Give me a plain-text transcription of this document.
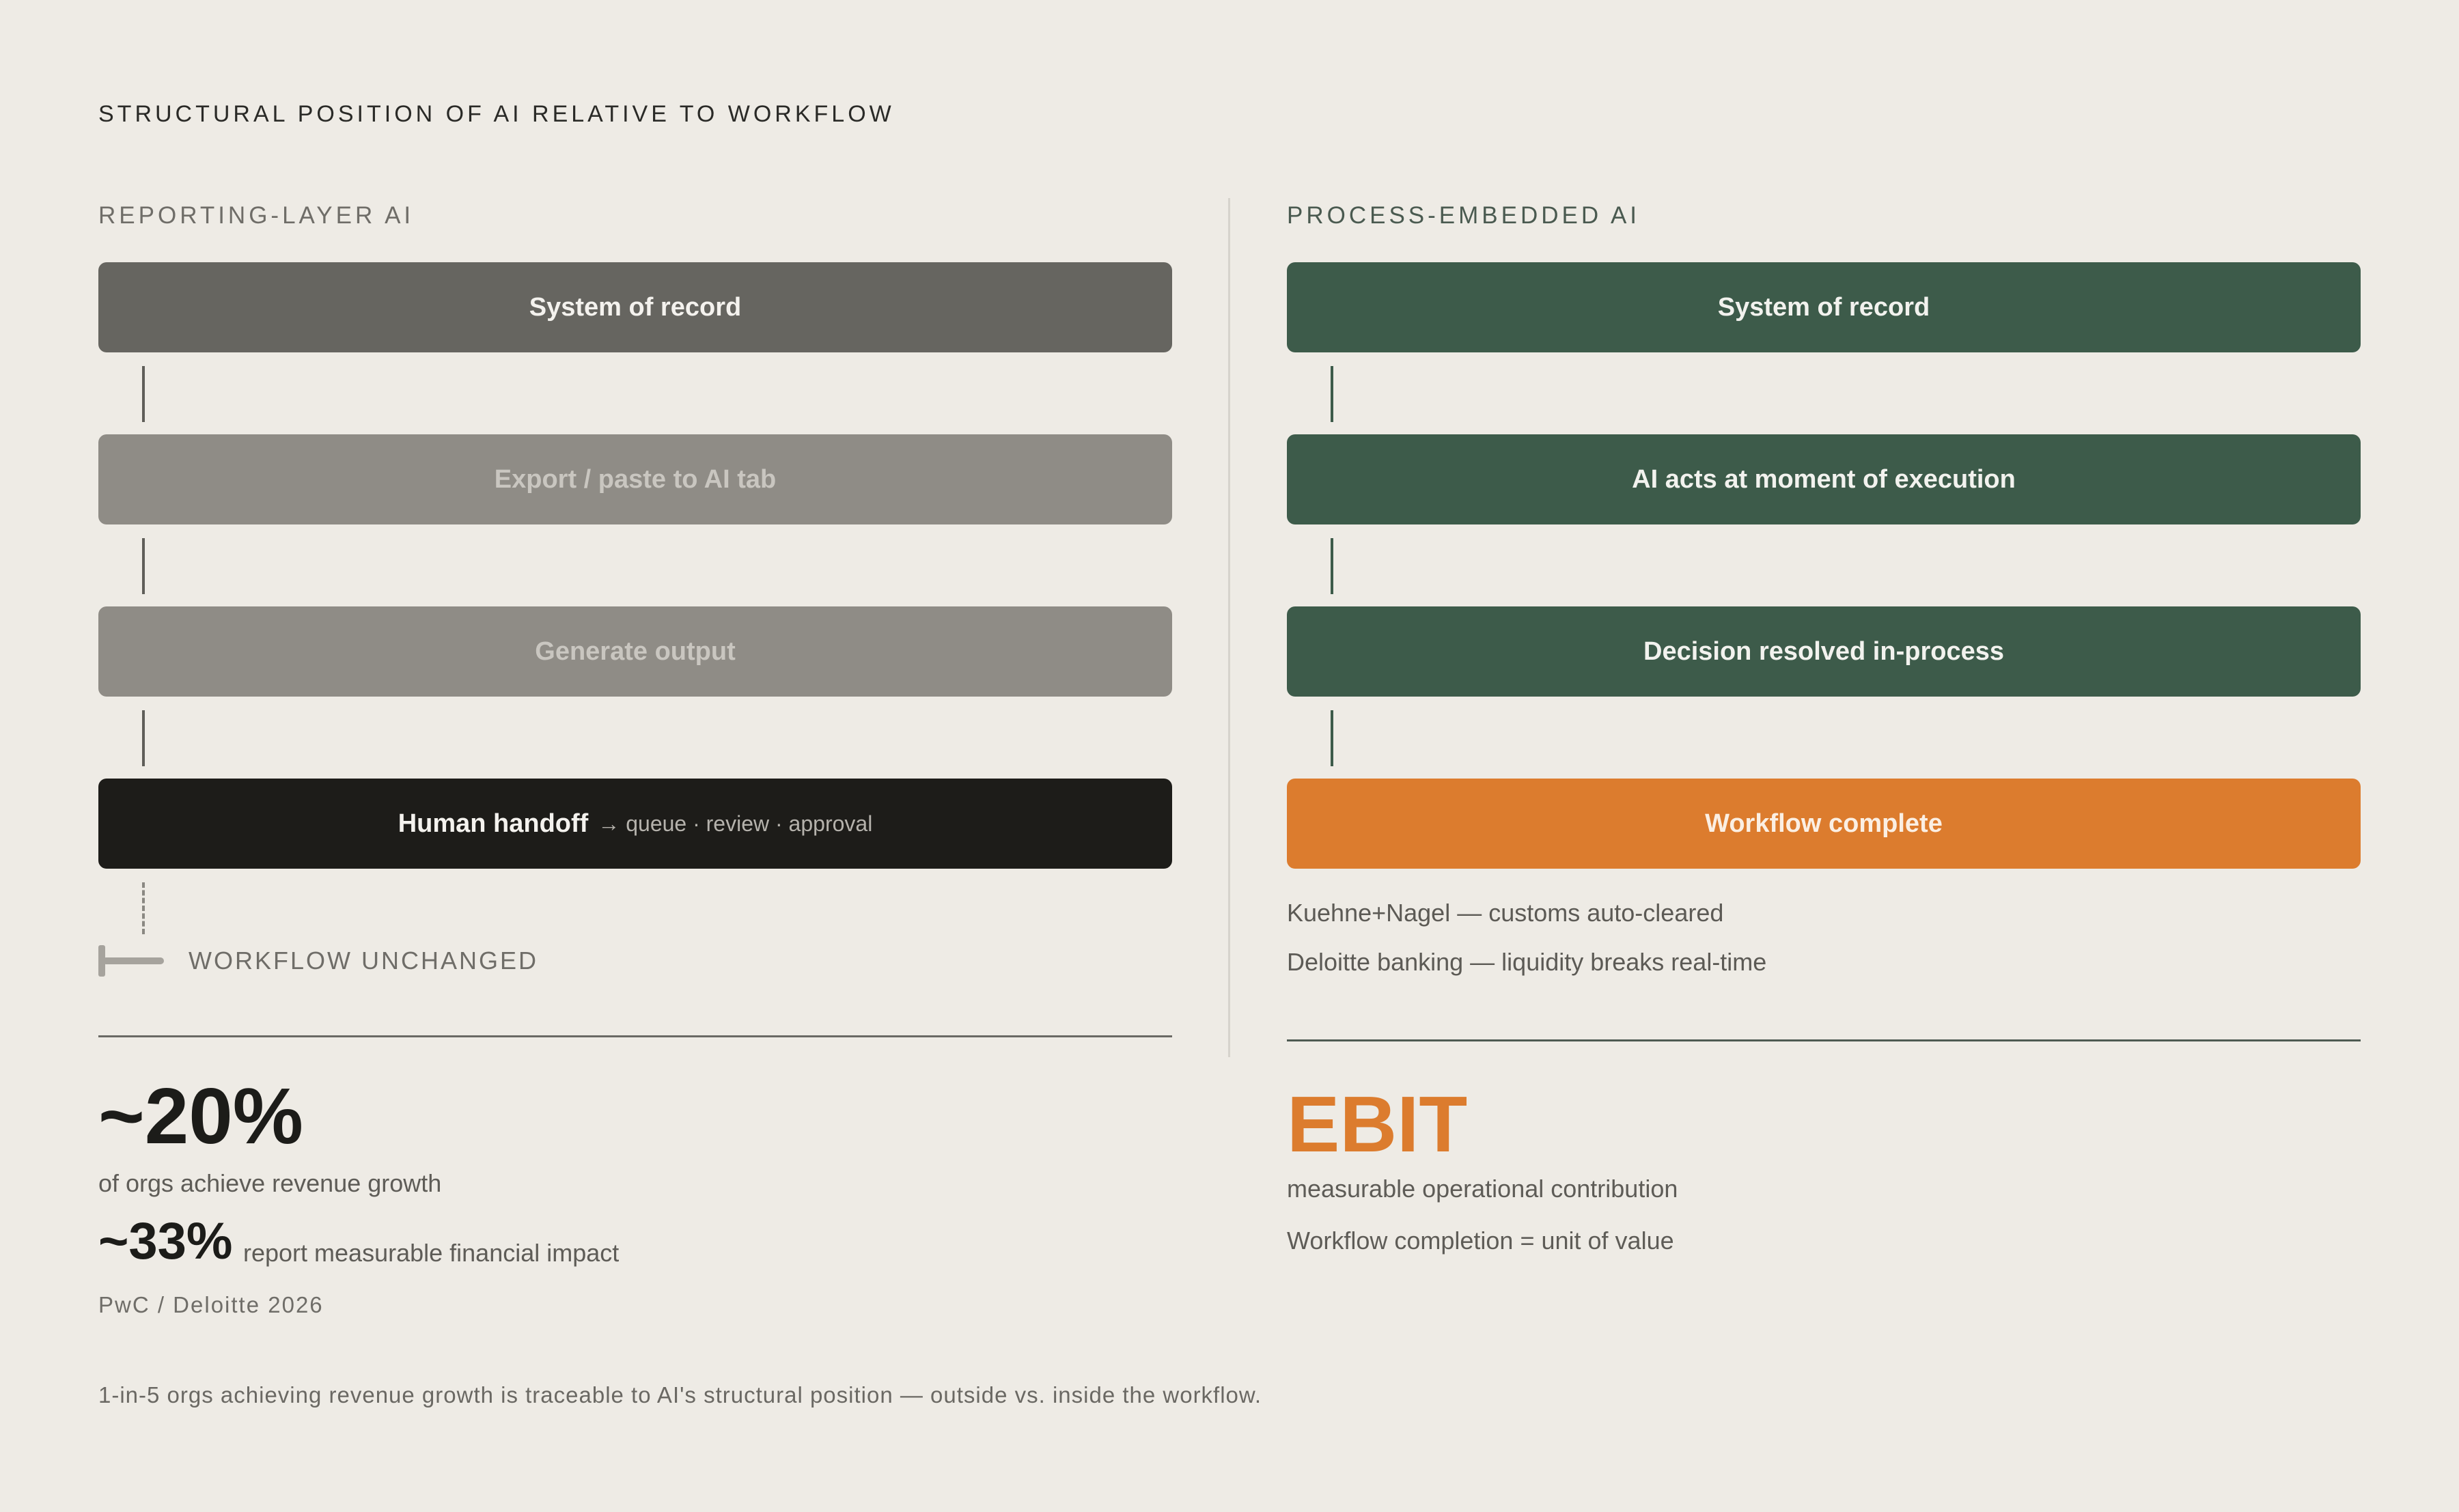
STRUCTURAL POSITION OF AI RELATIVE TO WORKFLOW
REPORTING-LAYER AI
System of record
Export / paste to AI tab
Generate output
Human handoff → queue · review · approval
WORKFLOW UNCHANGED
~20%
of orgs achieve revenue growth
~33% report measurable financial impact
PwC / Deloitte 2026
PROCESS-EMBEDDED AI
System of record
AI acts at moment of execution
Decision resolved in-process
Workflow complete
Kuehne+Nagel — customs auto-cleared
Deloitte banking — liquidity breaks real-time
EBIT
measurable operational contribution
Workflow completion = unit of value
1-in-5 orgs achieving revenue growth is traceable to AI's structural position — outside vs. inside the workflow.
